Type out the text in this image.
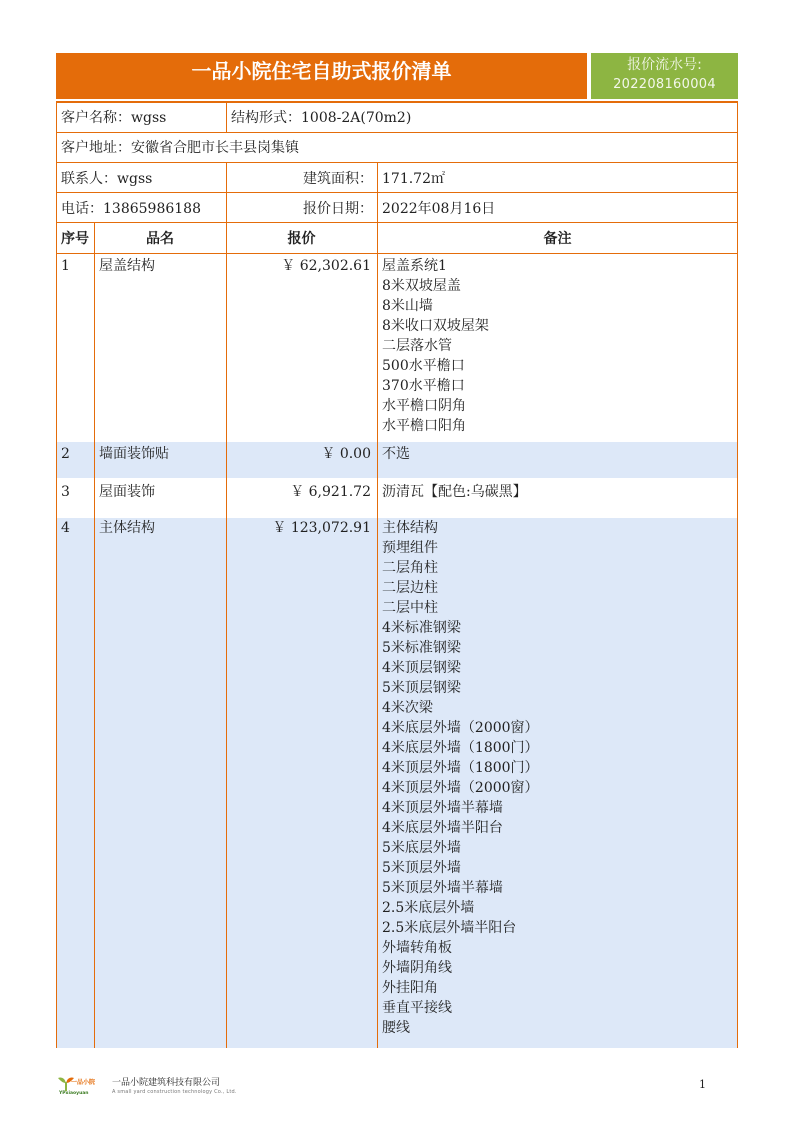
一品小院住宅自助式报价清单	报价流水号:
202208160004
客户名称：wgss	结构形式：1008-2A(70m2)
客户地址：安徽省合肥市长丰县岗集镇
联系人：wgss	建筑面积： 171.72㎡
电话：13865986188	报价日期： 2022年08月16日
序号	品名	报价	备注
1 屋盖结构	￥ 62,302.61 屋盖系统1
8米双坡屋盖
8米山墙
8米收口双坡屋架
二层落水管
500水平檐口
370水平檐口
水平檐口阴角
水平檐口阳角
2 墙面装饰贴	￥ 0.00 不选
3 屋面装饰	￥ 6,921.72 沥清瓦【配色:乌碳黑】
4 主体结构	￥ 123,072.91 主体结构
预埋组件
二层角柱
二层边柱
二层中柱
4米标准钢梁
5米标准钢梁
4米顶层钢梁
5米顶层钢梁
4米次梁
4米底层外墙（2000窗）
4米底层外墙（1800门）
4米顶层外墙（1800门）
4米顶层外墙（2000窗）
4米顶层外墙半幕墙
4米底层外墙半阳台
5米底层外墙
5米顶层外墙
5米顶层外墙半幕墙
2.5米底层外墙
2.5米底层外墙半阳台
外墙转角板
外墙阴角线
外挂阳角
垂直平接线
腰线
一品小院
YPxiaoyuan
一品小院建筑科技有限公司
A small yard construction technology Co., Ltd.
1
